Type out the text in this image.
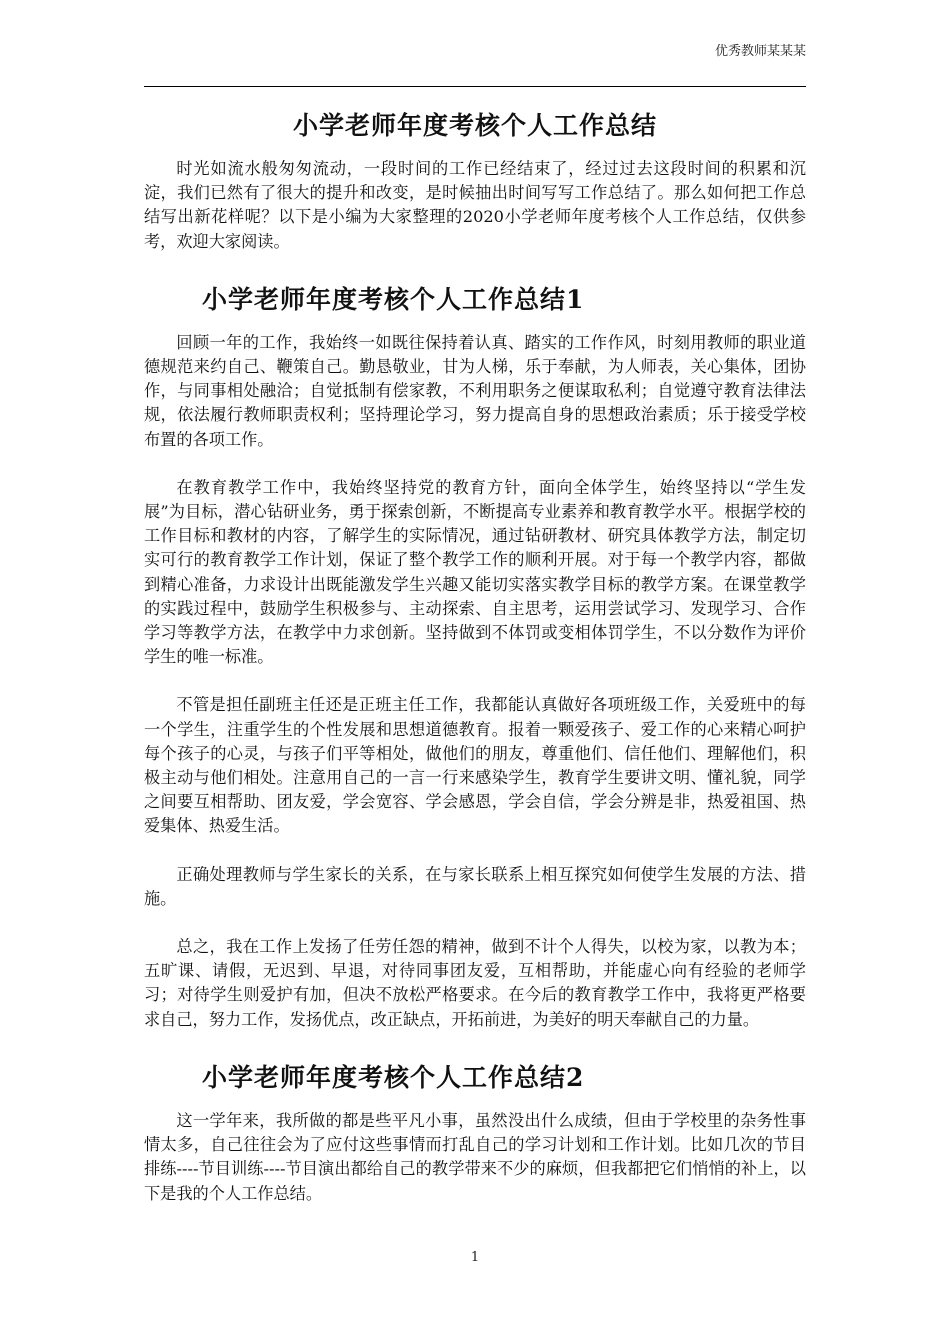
优秀教师某某某
小学老师年度考核个人工作总结

时光如流水般匆匆流动，一段时间的工作已经结束了，经过过去这段时间的积累和沉淀，我们已然有了很大的提升和改变，是时候抽出时间写写工作总结了。那么如何把工作总结写出新花样呢？以下是小编为大家整理的2020小学老师年度考核个人工作总结，仅供参考，欢迎大家阅读。

小学老师年度考核个人工作总结1

回顾一年的工作，我始终一如既往保持着认真、踏实的工作作风，时刻用教师的职业道德规范来约自己、鞭策自己。勤恳敬业，甘为人梯，乐于奉献，为人师表，关心集体，团协作，与同事相处融洽；自觉抵制有偿家教，不利用职务之便谋取私利；自觉遵守教育法律法规，依法履行教师职责权利；坚持理论学习，努力提高自身的思想政治素质；乐于接受学校布置的各项工作。

在教育教学工作中，我始终坚持党的教育方针，面向全体学生，始终坚持以“学生发展”为目标，潜心钻研业务，勇于探索创新，不断提高专业素养和教育教学水平。根据学校的工作目标和教材的内容，了解学生的实际情况，通过钻研教材、研究具体教学方法，制定切实可行的教育教学工作计划，保证了整个教学工作的顺利开展。对于每一个教学内容，都做到精心准备，力求设计出既能激发学生兴趣又能切实落实教学目标的教学方案。在课堂教学的实践过程中，鼓励学生积极参与、主动探索、自主思考，运用尝试学习、发现学习、合作学习等教学方法，在教学中力求创新。坚持做到不体罚或变相体罚学生，不以分数作为评价学生的唯一标准。

不管是担任副班主任还是正班主任工作，我都能认真做好各项班级工作，关爱班中的每一个学生，注重学生的个性发展和思想道德教育。报着一颗爱孩子、爱工作的心来精心呵护每个孩子的心灵，与孩子们平等相处，做他们的朋友，尊重他们、信任他们、理解他们，积极主动与他们相处。注意用自己的一言一行来感染学生，教育学生要讲文明、懂礼貌，同学之间要互相帮助、团友爱，学会宽容、学会感恩，学会自信，学会分辨是非，热爱祖国、热爱集体、热爱生活。

正确处理教师与学生家长的关系，在与家长联系上相互探究如何使学生发展的方法、措施。

总之，我在工作上发扬了任劳任怨的精神，做到不计个人得失，以校为家，以教为本；五旷课、请假，无迟到、早退，对待同事团友爱，互相帮助，并能虚心向有经验的老师学习；对待学生则爱护有加，但决不放松严格要求。在今后的教育教学工作中，我将更严格要求自己，努力工作，发扬优点，改正缺点，开拓前进，为美好的明天奉献自己的力量。

小学老师年度考核个人工作总结2

这一学年来，我所做的都是些平凡小事，虽然没出什么成绩，但由于学校里的杂务性事情太多，自己往往会为了应付这些事情而打乱自己的学习计划和工作计划。比如几次的节目排练----节目训练----节目演出都给自己的教学带来不少的麻烦，但我都把它们悄悄的补上，以下是我的个人工作总结。

1
